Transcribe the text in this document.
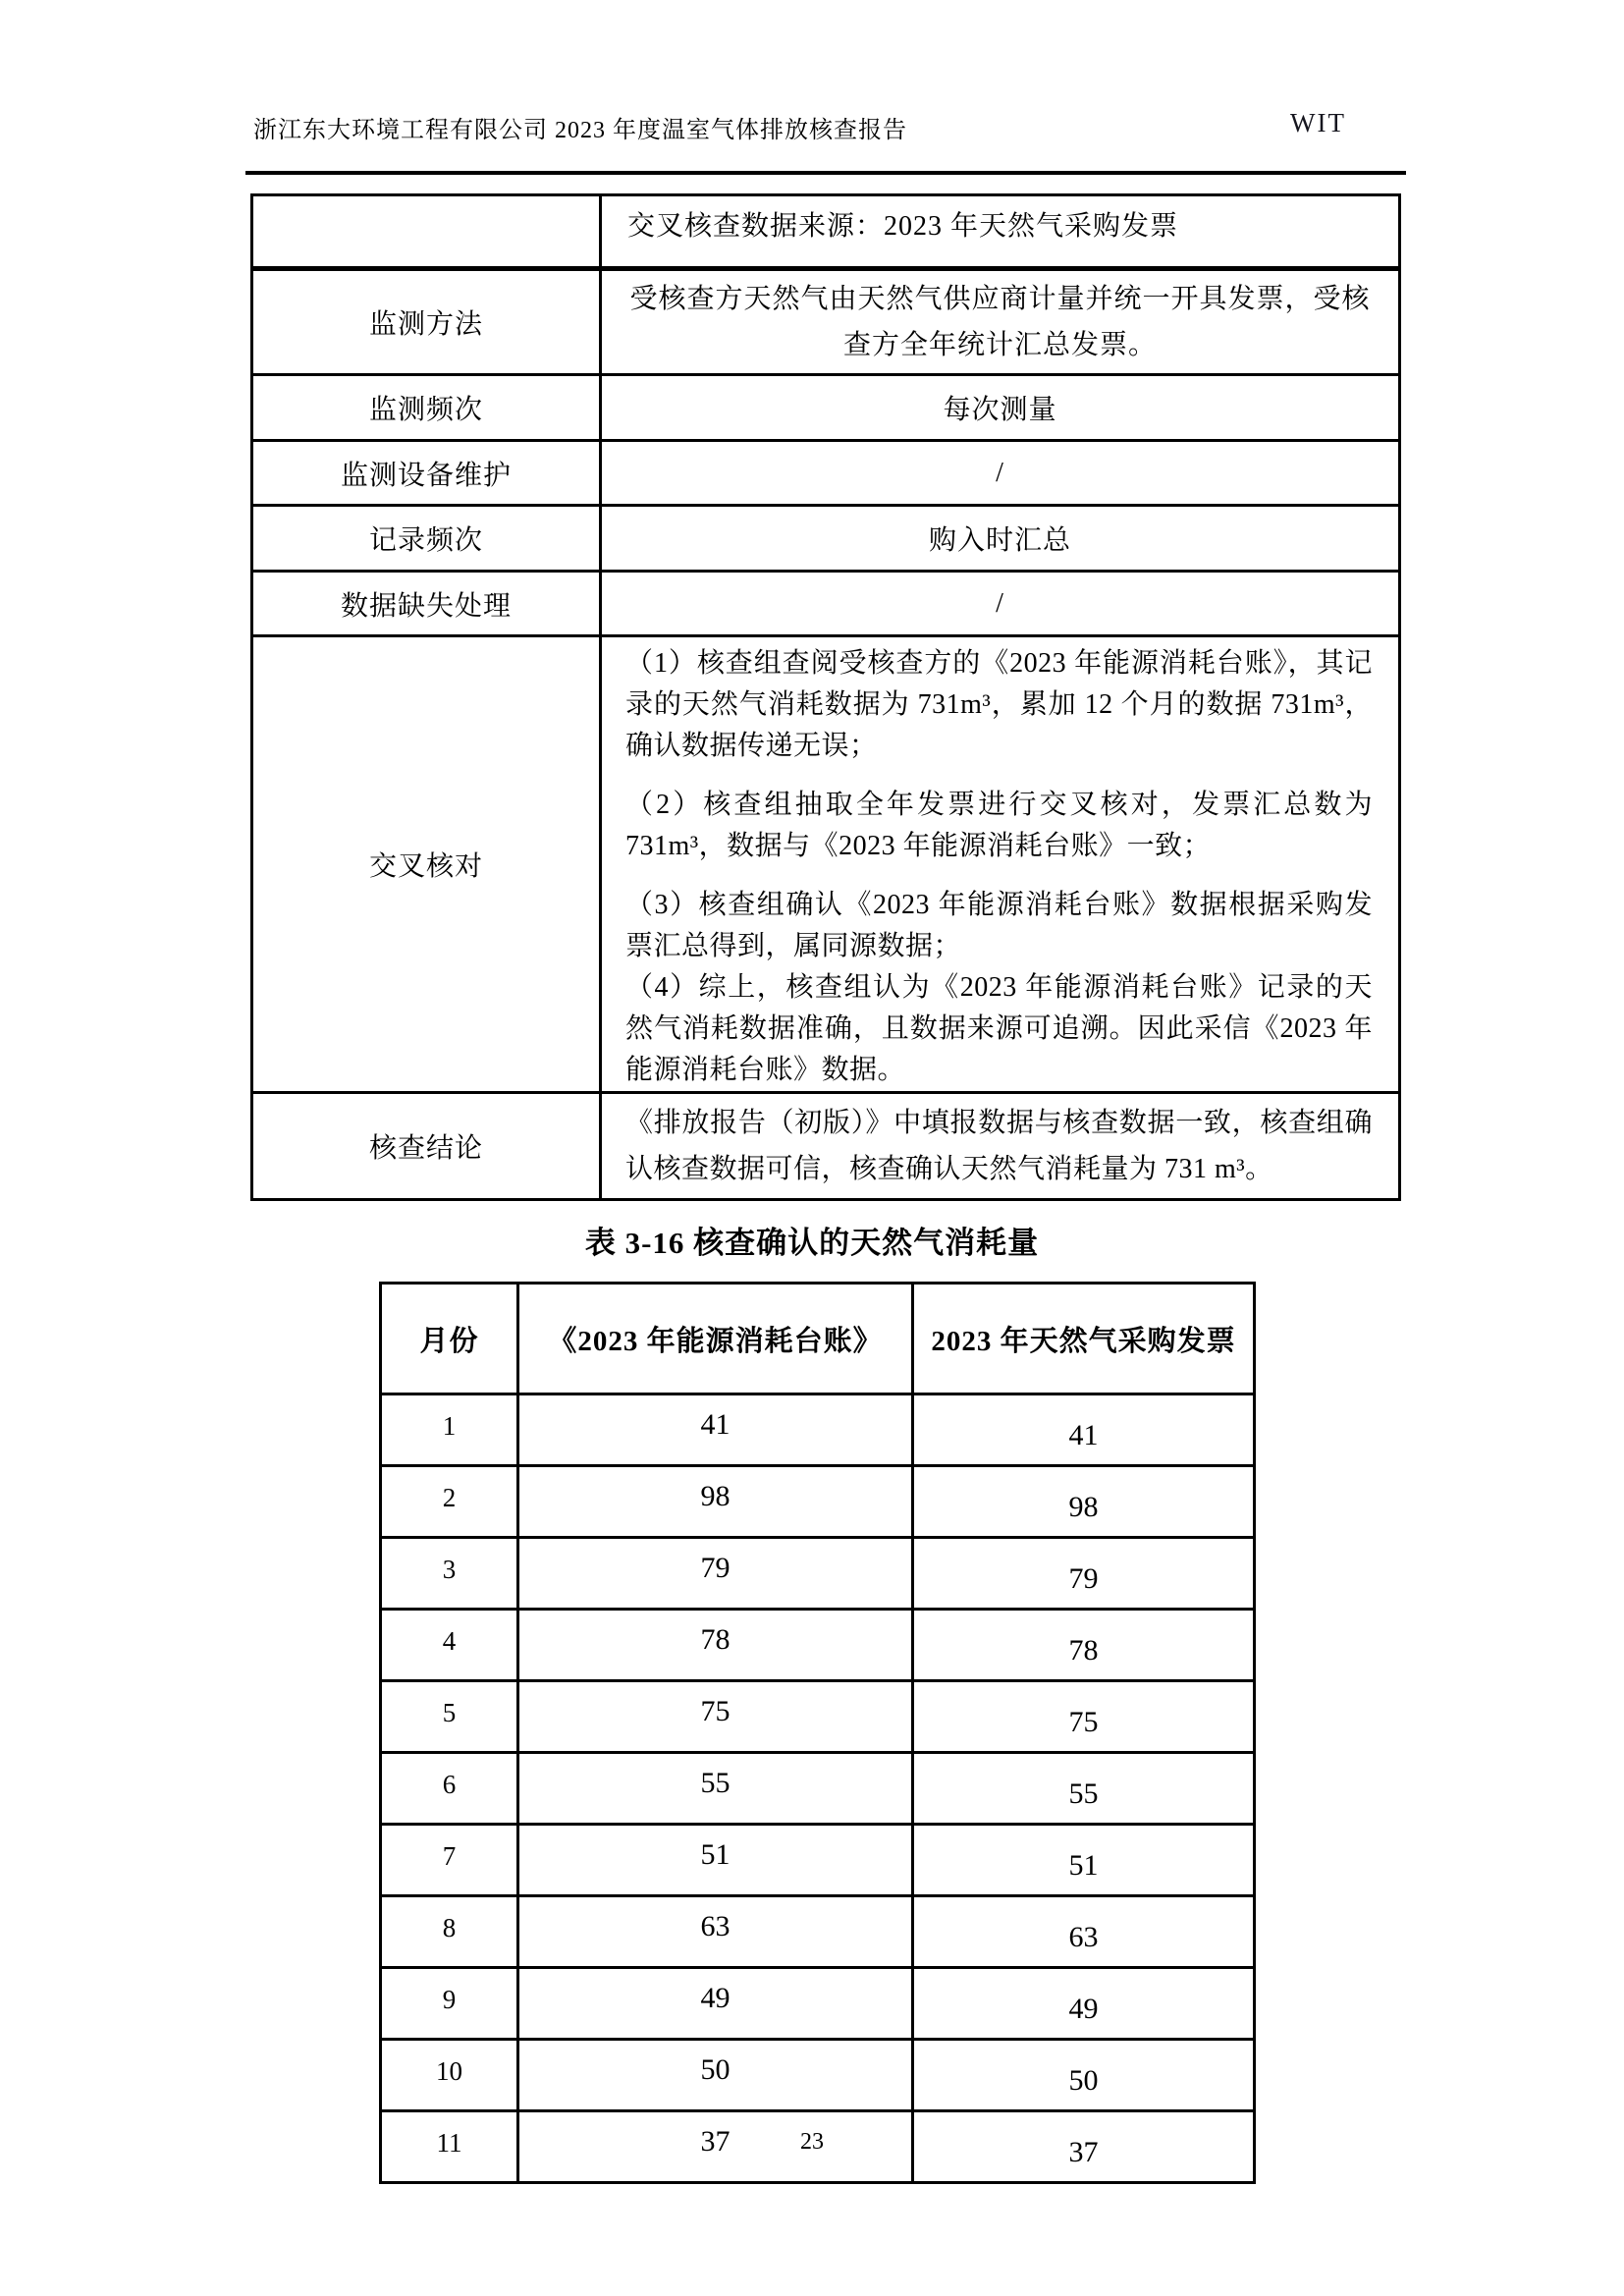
浙江东大环境工程有限公司 2023 年度温室气体排放核查报告	WIT
	交叉核查数据来源：2023 年天然气采购发票
监测方法	受核查方天然气由天然气供应商计量并统一开具发票，受核查方全年统计汇总发票。
监测频次	每次测量
监测设备维护	/
记录频次	购入时汇总
数据缺失处理	/
交叉核对	（1）核查组查阅受核查方的《2023 年能源消耗台账》，其记录的天然气消耗数据为 731m³，累加 12 个月的数据 731m³，确认数据传递无误；

（2）核查组抽取全年发票进行交叉核对，发票汇总数为 731m³，数据与《2023 年能源消耗台账》一致；

（3）核查组确认《2023 年能源消耗台账》数据根据采购发票汇总得到，属同源数据；

（4）综上，核查组认为《2023 年能源消耗台账》记录的天然气消耗数据准确，且数据来源可追溯。因此采信《2023 年能源消耗台账》数据。

核查结论	《排放报告（初版）》中填报数据与核查数据一致，核查组确认核查数据可信，核查确认天然气消耗量为 731 m³。
表 3-16 核查确认的天然气消耗量
月份	《2023 年能源消耗台账》	2023 年天然气采购发票
1	41	41
2	98	98
3	79	79
4	78	78
5	75	75
6	55	55
7	51	51
8	63	63
9	49	49
10	50	50
11	37	37
23
